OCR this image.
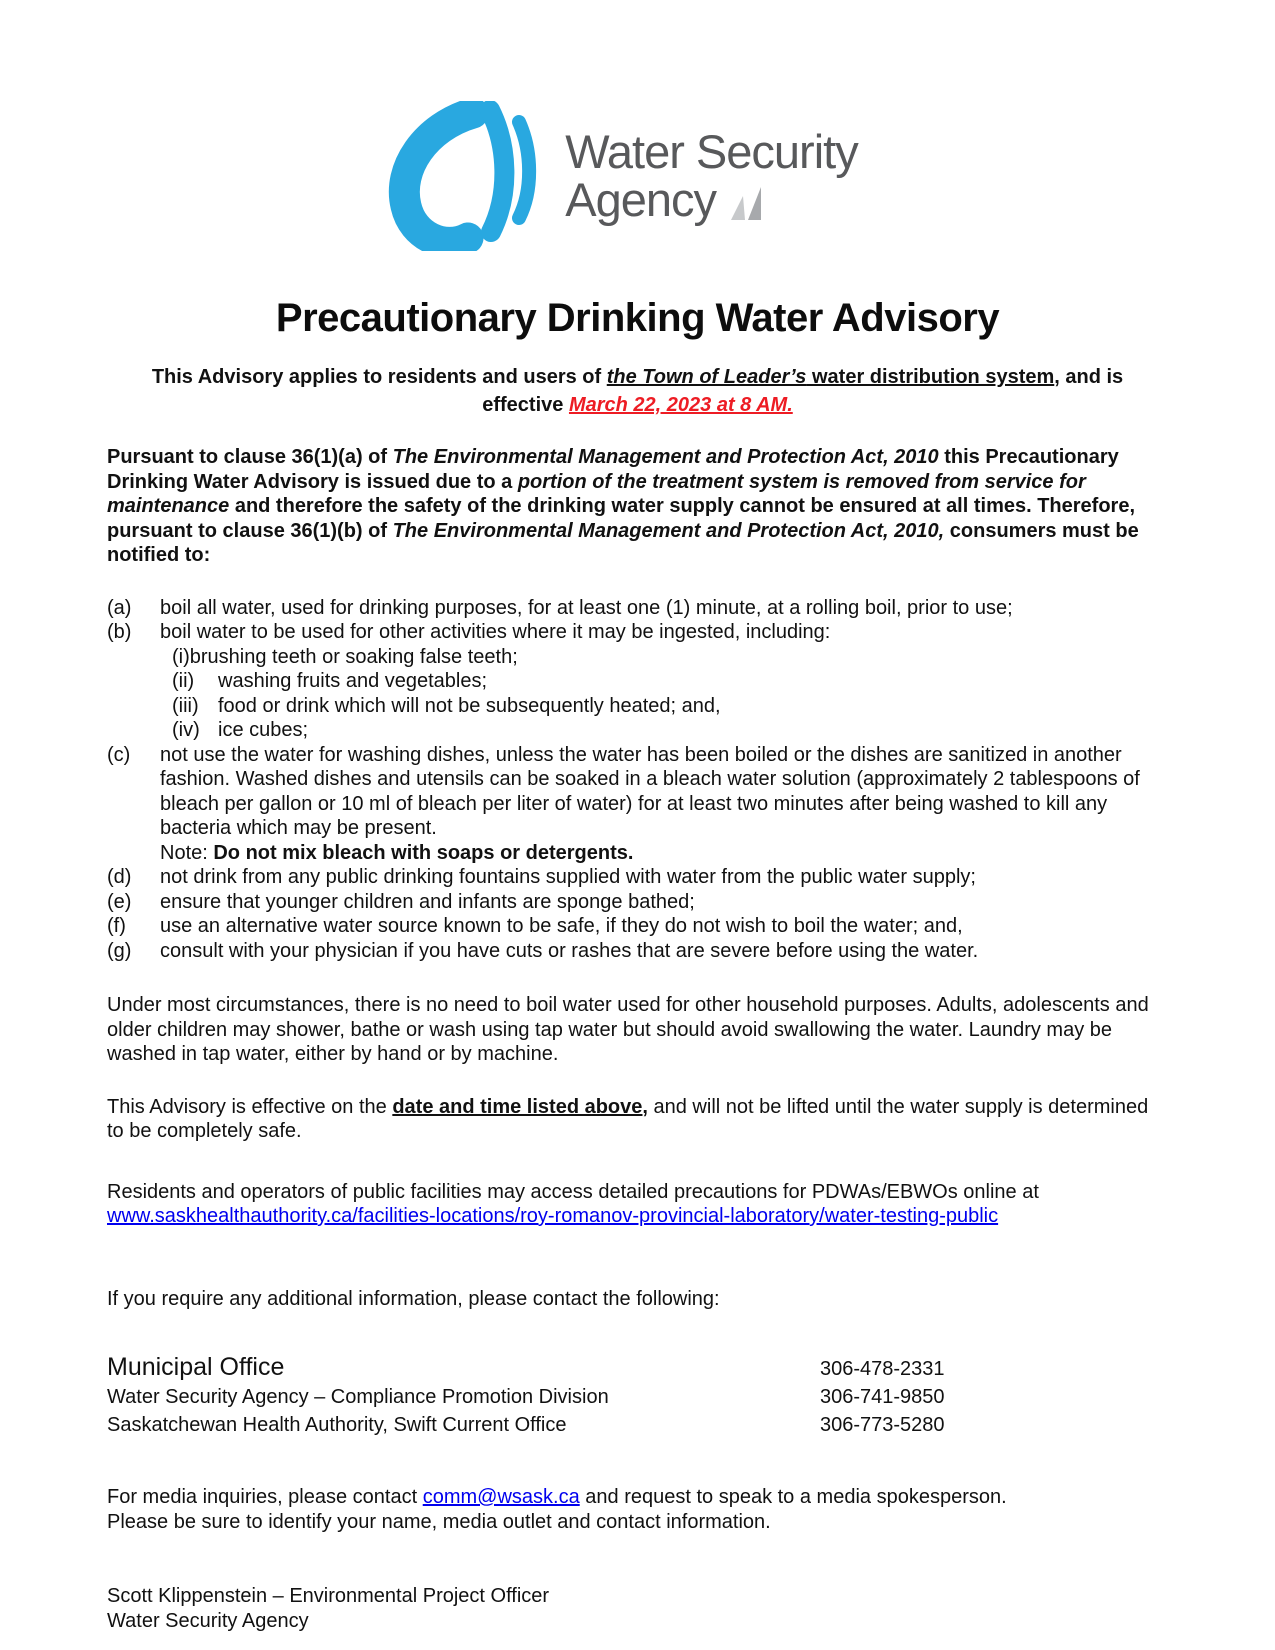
Water Security
Agency
Precautionary Drinking Water Advisory

This Advisory applies to residents and users of the Town of Leader’s water distribution system, and is
effective March 22, 2023 at 8 AM.

Pursuant to clause 36(1)(a) of The Environmental Management and Protection Act, 2010 this Precautionary Drinking Water Advisory is issued due to a portion of the treatment system is removed from service for maintenance and therefore the safety of the drinking water supply cannot be ensured at all times. Therefore, pursuant to clause 36(1)(b) of The Environmental Management and Protection Act, 2010, consumers must be notified to:

(a)	boil all water, used for drinking purposes, for at least one (1) minute, at a rolling boil, prior to use;
(b)	boil water to be used for other activities where it may be ingested, including:
(i) brushing teeth or soaking false teeth;
(ii)	washing fruits and vegetables;
(iii) food or drink which will not be subsequently heated; and,
(iv) ice cubes;
(c)	not use the water for washing dishes, unless the water has been boiled or the dishes are sanitized in another fashion. Washed dishes and utensils can be soaked in a bleach water solution (approximately 2 tablespoons of bleach per gallon or 10 ml of bleach per liter of water) for at least two minutes after being washed to kill any bacteria which may be present.
Note: Do not mix bleach with soaps or detergents.
(d)	not drink from any public drinking fountains supplied with water from the public water supply;
(e)	ensure that younger children and infants are sponge bathed;
(f)	use an alternative water source known to be safe, if they do not wish to boil the water; and,
(g)	consult with your physician if you have cuts or rashes that are severe before using the water.

Under most circumstances, there is no need to boil water used for other household purposes. Adults, adolescents and older children may shower, bathe or wash using tap water but should avoid swallowing the water. Laundry may be washed in tap water, either by hand or by machine.

This Advisory is effective on the date and time listed above, and will not be lifted until the water supply is determined to be completely safe.

Residents and operators of public facilities may access detailed precautions for PDWAs/EBWOs online at www.saskhealthauthority.ca/facilities-locations/roy-romanov-provincial-laboratory/water-testing-public

If you require any additional information, please contact the following:

Municipal Office	306-478-2331
Water Security Agency – Compliance Promotion Division	306-741-9850
Saskatchewan Health Authority, Swift Current Office	306-773-5280

For media inquiries, please contact comm@wsask.ca and request to speak to a media spokesperson.
Please be sure to identify your name, media outlet and contact information.

Scott Klippenstein – Environmental Project Officer
Water Security Agency
